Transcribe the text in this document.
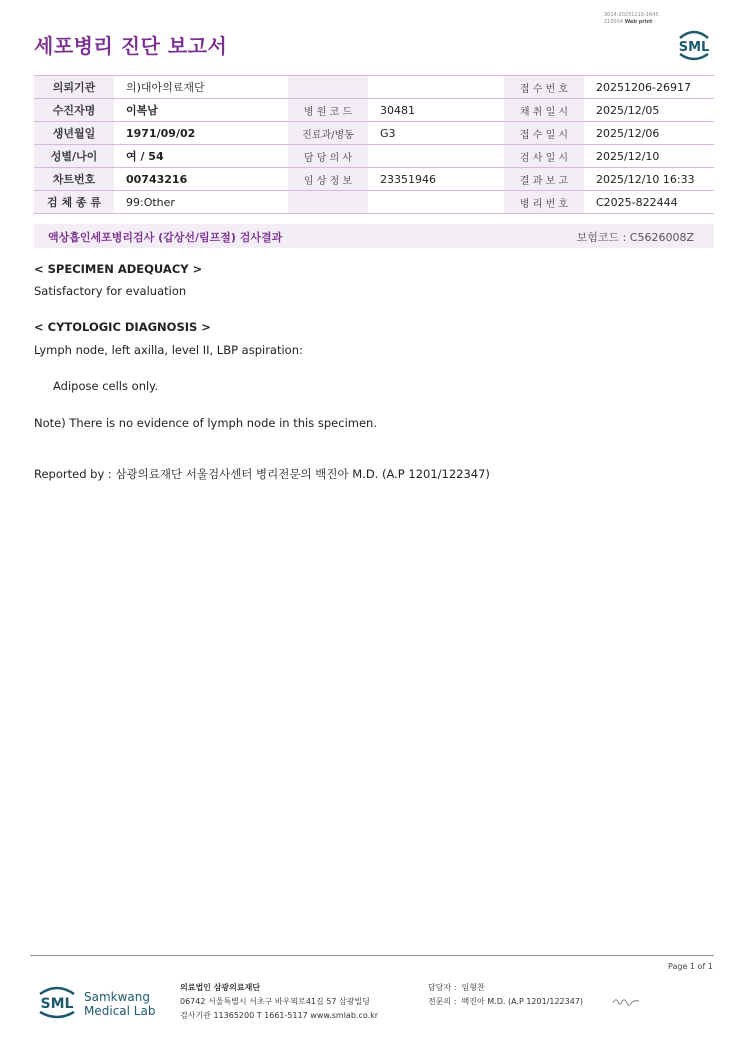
세포병리 진단 보고서
3014-20251210-1645
210034 Web print
SML
의뢰기관	의)대아의료재단			접 수 번 호	20251206-26917
수진자명	이복남	병 원 코 드	30481	채 취 일 시	2025/12/05
생년월일	1971/09/02	진료과/병동	G3	접 수 일 시	2025/12/06
성별/나이	여 / 54	담 당 의 사		검 사 일 시	2025/12/10
차트번호	00743216	임 상 정 보	23351946	결 과 보 고	2025/12/10 16:33
검 체 종 류	99:Other			병 리 번 호	C2025-822444
액상흡인세포병리검사 (갑상선/림프절) 검사결과	보험코드 : C5626008Z
< SPECIMEN ADEQUACY >
Satisfactory for evaluation
< CYTOLOGIC DIAGNOSIS >
Lymph node, left axilla, level II, LBP aspiration:
Adipose cells only.
Note) There is no evidence of lymph node in this specimen.
Reported by : 삼광의료재단 서울검사센터 병리전문의 백진아 M.D. (A.P 1201/122347)
Page 1 of 1
SML Samkwang
Medical Lab
의료법인 삼광의료재단
06742 서울특별시 서초구 바우뫼로41길 57 삼광빌딩
검사기관 11365200 T 1661-5117 www.smlab.co.kr
담당자 : 임형찬
전문의 : 백진아 M.D. (A.P 1201/122347)
